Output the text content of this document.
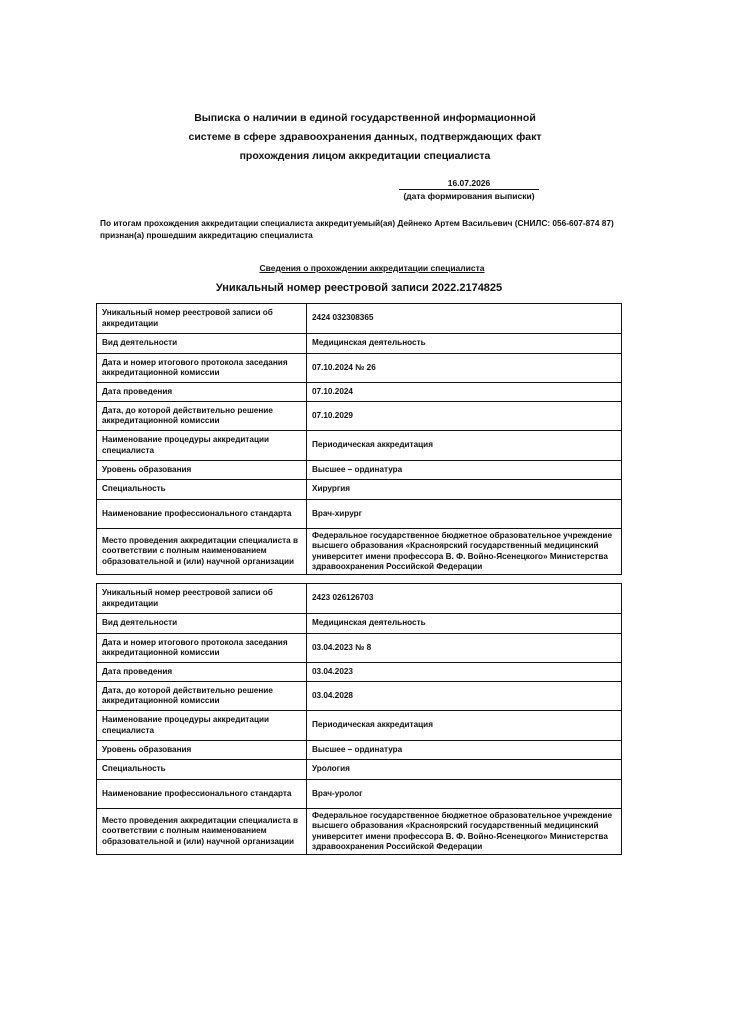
Выписка о наличии в единой государственной информационной
системе в сфере здравоохранения данных, подтверждающих факт
прохождения лицом аккредитации специалиста
16.07.2026
(дата формирования выписки)
По итогам прохождения аккредитации специалиста аккредитуемый(ая) Дейнеко Артем Васильевич (СНИЛС: 056-607-874 87) признан(а) прошедшим аккредитацию специалиста
Сведения о прохождении аккредитации специалиста
Уникальный номер реестровой записи 2022.2174825
Уникальный номер реестровой записи об аккредитации	2424 032308365
Вид деятельности	Медицинская деятельность
Дата и номер итогового протокола заседания аккредитационной комиссии	07.10.2024 № 26
Дата проведения	07.10.2024
Дата, до которой действительно решение аккредитационной комиссии	07.10.2029
Наименование процедуры аккредитации специалиста	Периодическая аккредитация
Уровень образования	Высшее – ординатура
Специальность	Хирургия
Наименование профессионального стандарта	Врач-хирург
Место проведения аккредитации специалиста в соответствии с полным наименованием образовательной и (или) научной организации	Федеральное государственное бюджетное образовательное учреждение высшего образования «Красноярский государственный медицинский университет имени профессора В. Ф. Войно-Ясенецкого» Министерства здравоохранения Российской Федерации
Уникальный номер реестровой записи об аккредитации	2423 026126703
Вид деятельности	Медицинская деятельность
Дата и номер итогового протокола заседания аккредитационной комиссии	03.04.2023 № 8
Дата проведения	03.04.2023
Дата, до которой действительно решение аккредитационной комиссии	03.04.2028
Наименование процедуры аккредитации специалиста	Периодическая аккредитация
Уровень образования	Высшее – ординатура
Специальность	Урология
Наименование профессионального стандарта	Врач-уролог
Место проведения аккредитации специалиста в соответствии с полным наименованием образовательной и (или) научной организации	Федеральное государственное бюджетное образовательное учреждение высшего образования «Красноярский государственный медицинский университет имени профессора В. Ф. Войно-Ясенецкого» Министерства здравоохранения Российской Федерации
